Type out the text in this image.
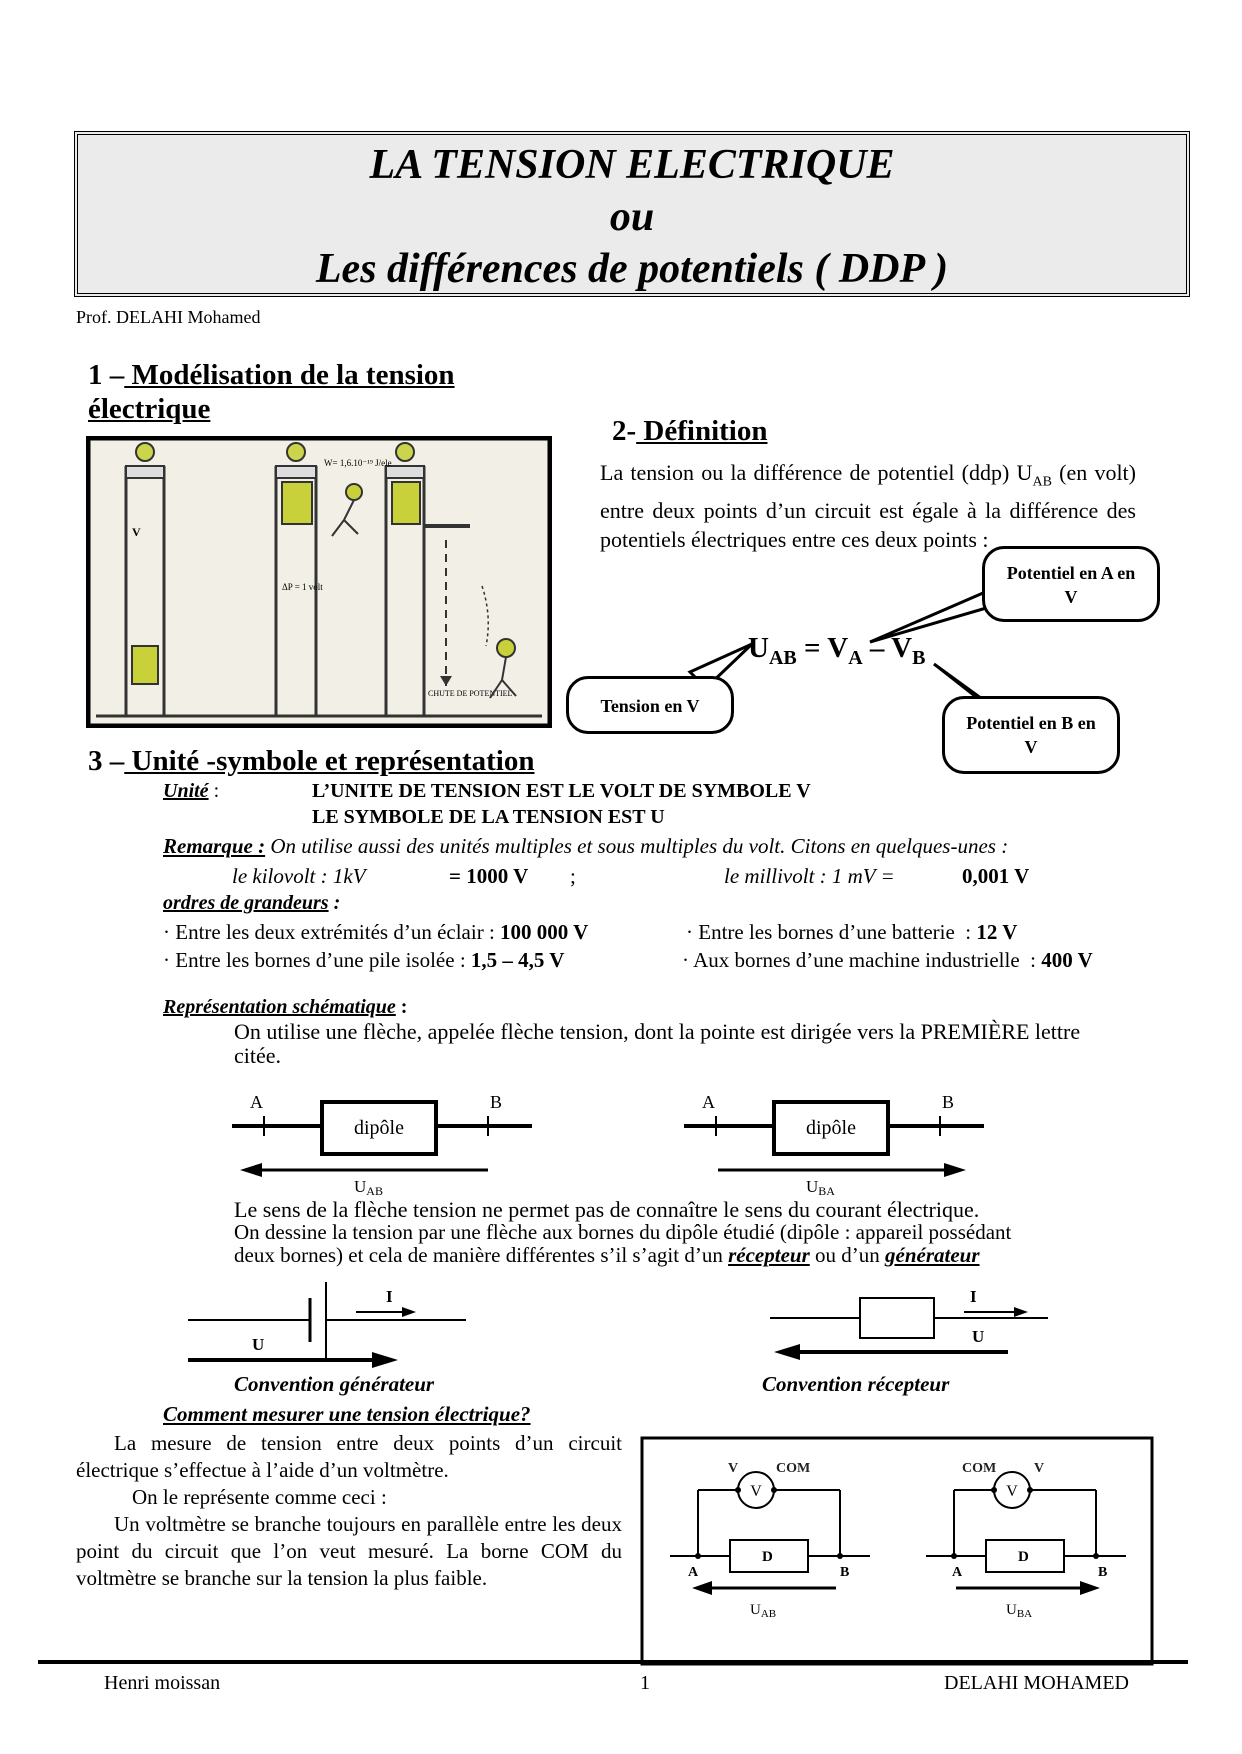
LA TENSION ELECTRIQUE
ou
Les différences de potentiels ( DDP )
Prof. DELAHI Mohamed
1 – Modélisation de la tension
électrique
W= 1,6.10⁻¹⁹ J/ele
ΔP = 1 volt
CHUTE DE POTENTIEL
V
2- Définition
La tension ou la différence de potentiel (ddp) $U_{AB}$ (en volt) entre deux points d’un circuit est égale à la différence des potentiels électriques entre ces deux points :
$U_{AB} = V_A - V_B$
Potentiel en A en V
Tension en V
Potentiel en B en V
3 – Unité -symbole et représentation
Unité :	L’UNITE DE TENSION EST LE VOLT DE SYMBOLE V
LE SYMBOLE DE LA TENSION EST U
Remarque : On utilise aussi des unités multiples et sous multiples du volt. Citons en quelques-unes :
le kilovolt : 1kV	= 1000 V ;	le millivolt : 1 mV =	0,001 V
ordres de grandeurs :
· Entre les deux extrémités d’un éclair : 100 000 V	· Entre les bornes d’une batterie  : 12 V
· Entre les bornes d’une pile isolée : 1,5 – 4,5 V	· Aux bornes d’une machine industrielle  : 400 V
Représentation schématique :
On utilise une flèche, appelée flèche tension, dont la pointe est dirigée vers la PREMIÈRE lettre citée.
A	B
dipôle
UAB
A	B
dipôle
UBA
Le sens de la flèche tension ne permet pas de connaître le sens du courant électrique.
On dessine la tension par une flèche aux bornes du dipôle étudié (dipôle : appareil possédant
deux bornes) et cela de manière différentes s’il s’agit d’un récepteur ou d’un générateur
I
U
Convention générateur
I
U
Convention récepteur
Comment mesurer une tension électrique?
La mesure de tension entre deux points d’un circuit électrique s’effectue à l’aide d’un voltmètre.
On le représente comme ceci :
Un voltmètre se branche toujours en parallèle entre les deux point du circuit que l’on veut mesuré. La borne COM du voltmètre se branche sur la tension la plus faible.
V
V	COM
D
A	B
$U_{AB}$
V
COM	V
D
A	B
$U_{BA}$
Henri moissan	1	DELAHI MOHAMED
